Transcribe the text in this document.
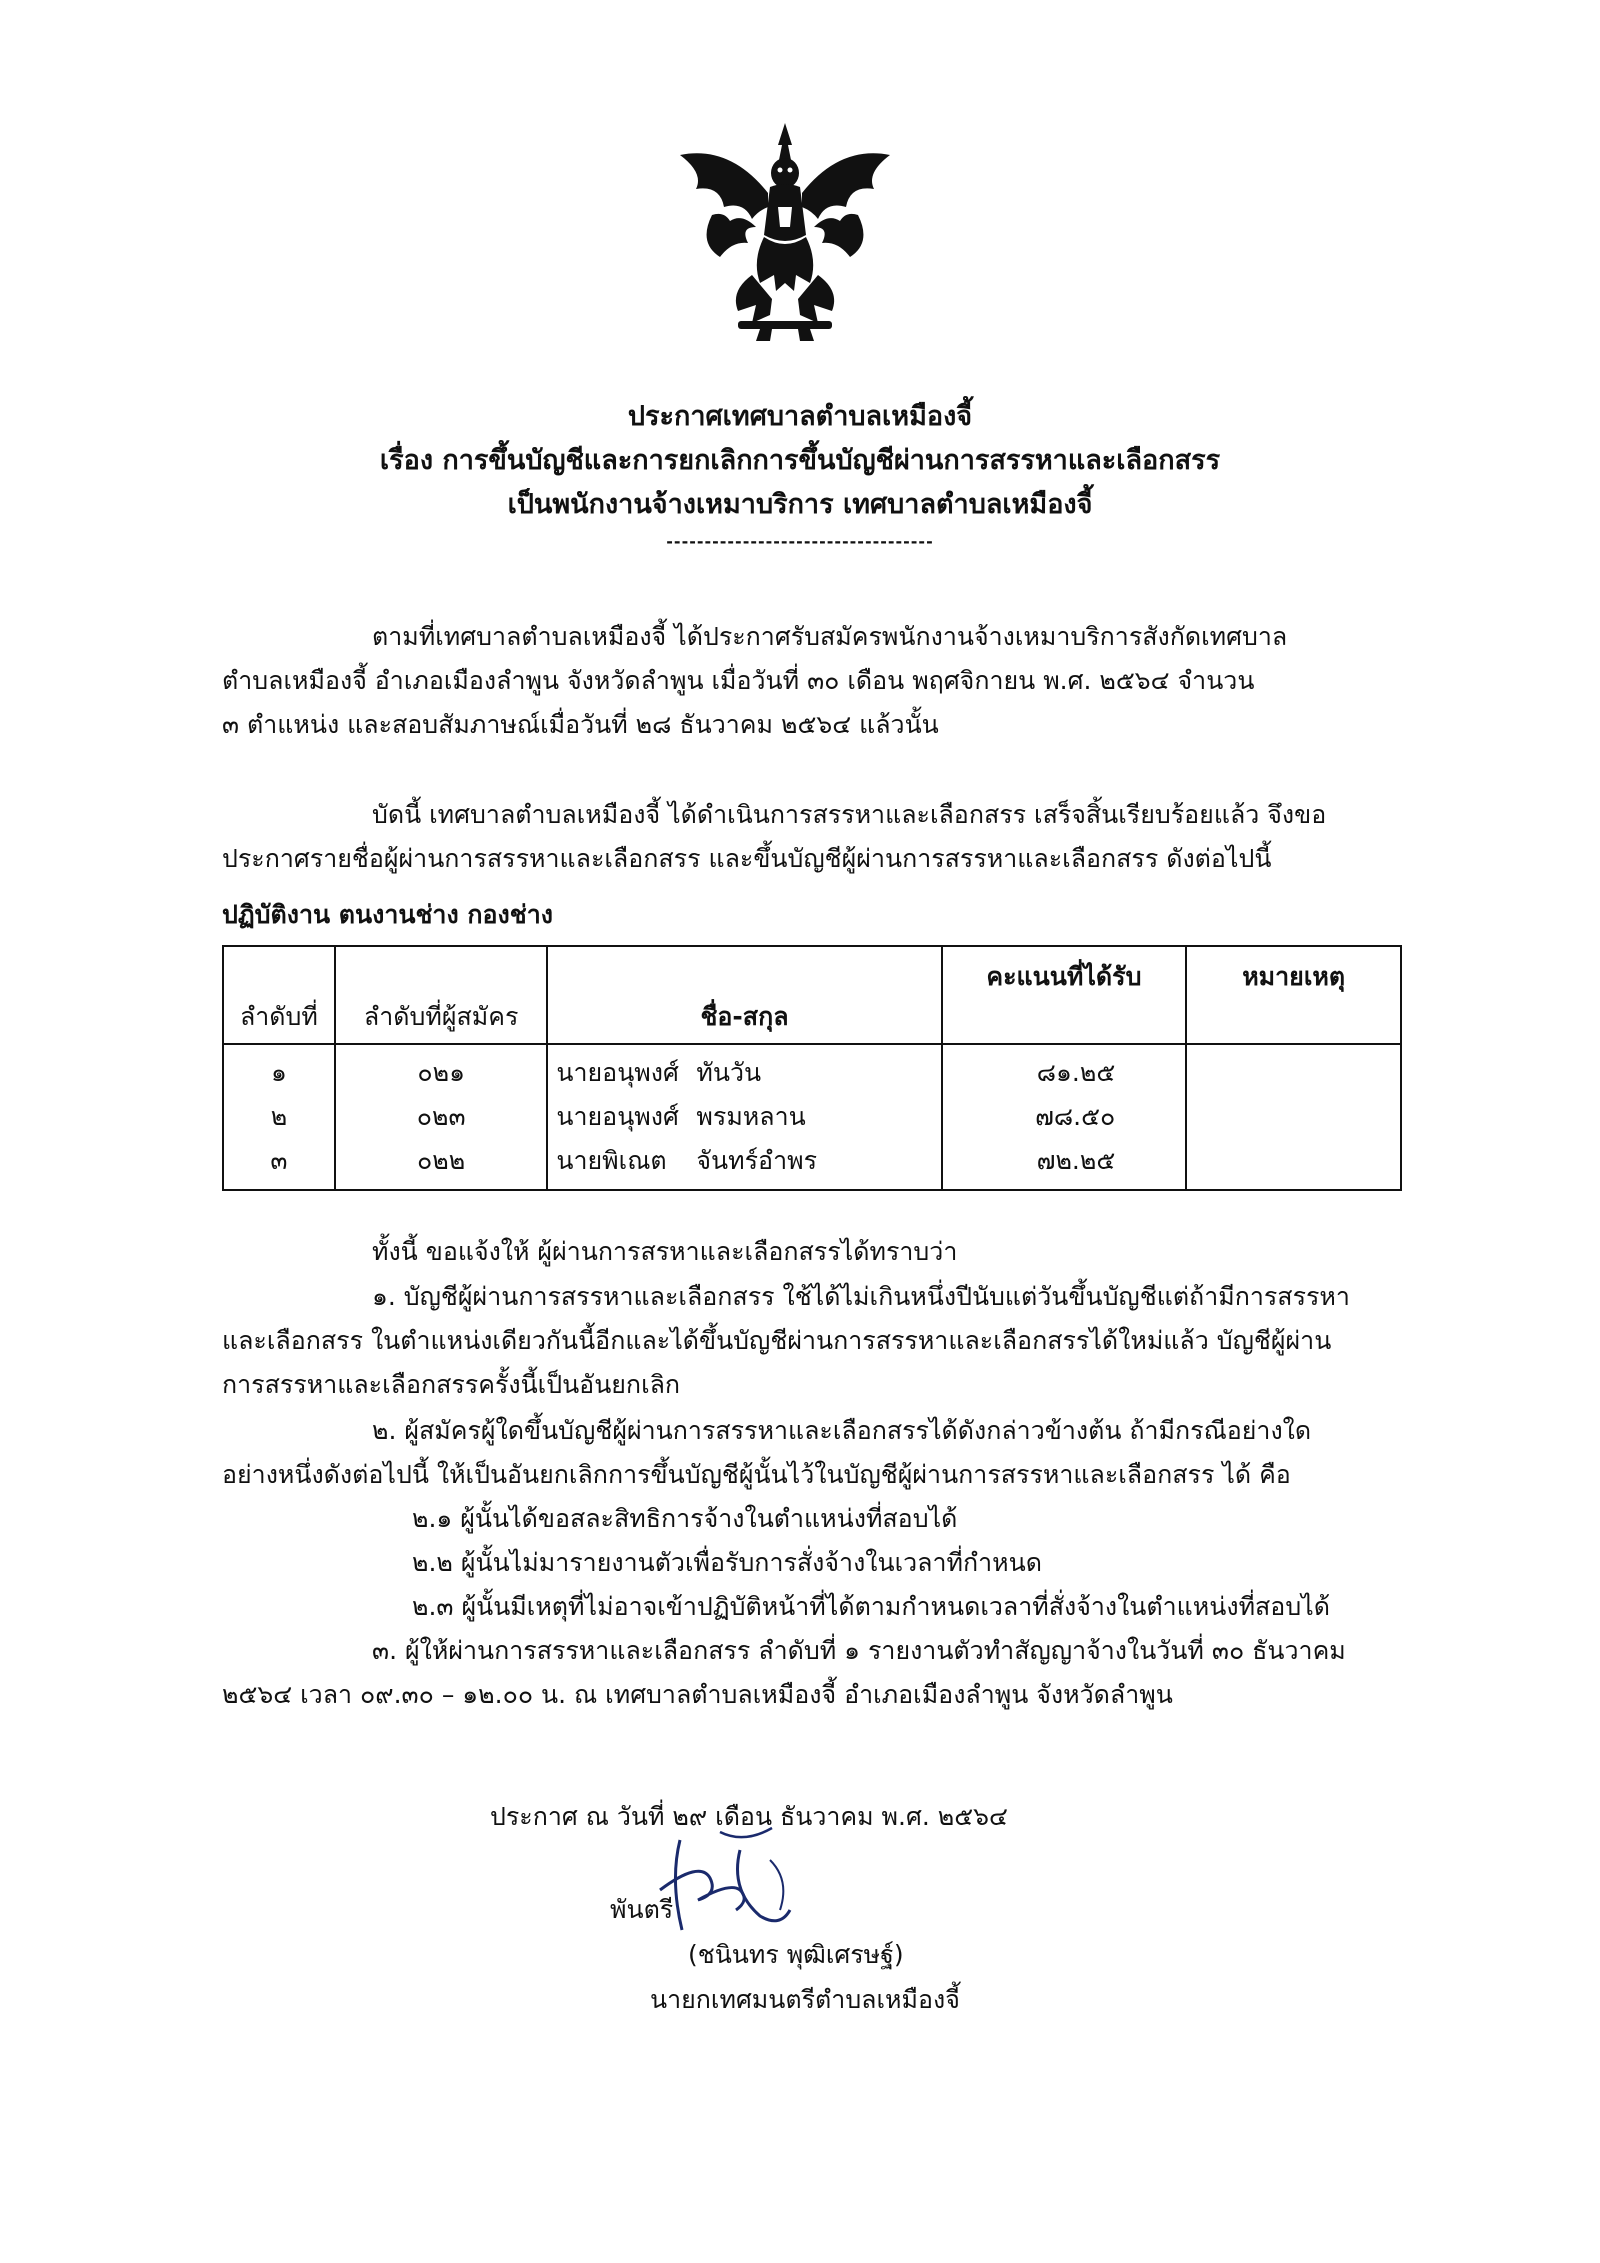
ประกาศเทศบาลตำบลเหมืองจี้
เรื่อง การขึ้นบัญชีและการยกเลิกการขึ้นบัญชีผ่านการสรรหาและเลือกสรร
เป็นพนักงานจ้างเหมาบริการ เทศบาลตำบลเหมืองจี้
-----------------------------------
ตามที่เทศบาลตำบลเหมืองจี้ ได้ประกาศรับสมัครพนักงานจ้างเหมาบริการสังกัดเทศบาล
ตำบลเหมืองจี้ อำเภอเมืองลำพูน จังหวัดลำพูน เมื่อวันที่ ๓๐ เดือน พฤศจิกายน พ.ศ. ๒๕๖๔ จำนวน
๓ ตำแหน่ง และสอบสัมภาษณ์เมื่อวันที่ ๒๘ ธันวาคม ๒๕๖๔ แล้วนั้น
บัดนี้ เทศบาลตำบลเหมืองจี้ ได้ดำเนินการสรรหาและเลือกสรร เสร็จสิ้นเรียบร้อยแล้ว จึงขอ
ประกาศรายชื่อผู้ผ่านการสรรหาและเลือกสรร และขึ้นบัญชีผู้ผ่านการสรรหาและเลือกสรร ดังต่อไปนี้
ปฏิบัติงาน ตนงานช่าง กองช่าง
ลำดับที่	ลำดับที่ผู้สมัคร	ชื่อ-สกุล	คะแนนที่ได้รับ	หมายเหตุ
๑	๐๒๑	นายอนุพงศ์ ทันวัน	๘๑.๒๕	
๒	๐๒๓	นายอนุพงศ์ พรมหลาน	๗๘.๕๐	
๓	๐๒๒	นายพิเณต จันทร์อำพร	๗๒.๒๕	
ทั้งนี้ ขอแจ้งให้ ผู้ผ่านการสรหาและเลือกสรรได้ทราบว่า
๑. บัญชีผู้ผ่านการสรรหาและเลือกสรร ใช้ได้ไม่เกินหนึ่งปีนับแต่วันขึ้นบัญชีแต่ถ้ามีการสรรหา
และเลือกสรร ในตำแหน่งเดียวกันนี้อีกและได้ขึ้นบัญชีผ่านการสรรหาและเลือกสรรได้ใหม่แล้ว บัญชีผู้ผ่าน
การสรรหาและเลือกสรรครั้งนี้เป็นอันยกเลิก
๒. ผู้สมัครผู้ใดขึ้นบัญชีผู้ผ่านการสรรหาและเลือกสรรได้ดังกล่าวข้างต้น ถ้ามีกรณีอย่างใด
อย่างหนึ่งดังต่อไปนี้ ให้เป็นอันยกเลิกการขึ้นบัญชีผู้นั้นไว้ในบัญชีผู้ผ่านการสรรหาและเลือกสรร ได้ คือ
๒.๑ ผู้นั้นได้ขอสละสิทธิการจ้างในตำแหน่งที่สอบได้
๒.๒ ผู้นั้นไม่มารายงานตัวเพื่อรับการสั่งจ้างในเวลาที่กำหนด
๒.๓ ผู้นั้นมีเหตุที่ไม่อาจเข้าปฏิบัติหน้าที่ได้ตามกำหนดเวลาที่สั่งจ้างในตำแหน่งที่สอบได้
๓. ผู้ให้ผ่านการสรรหาและเลือกสรร ลำดับที่ ๑ รายงานตัวทำสัญญาจ้างในวันที่ ๓๐ ธันวาคม
๒๕๖๔ เวลา ๐๙.๓๐ – ๑๒.๐๐ น. ณ เทศบาลตำบลเหมืองจี้ อำเภอเมืองลำพูน จังหวัดลำพูน
ประกาศ ณ วันที่ ๒๙ เดือน ธันวาคม พ.ศ. ๒๕๖๔
พันตรี
(ชนินทร พุฒิเศรษฐ์)
นายกเทศมนตรีตำบลเหมืองจี้
